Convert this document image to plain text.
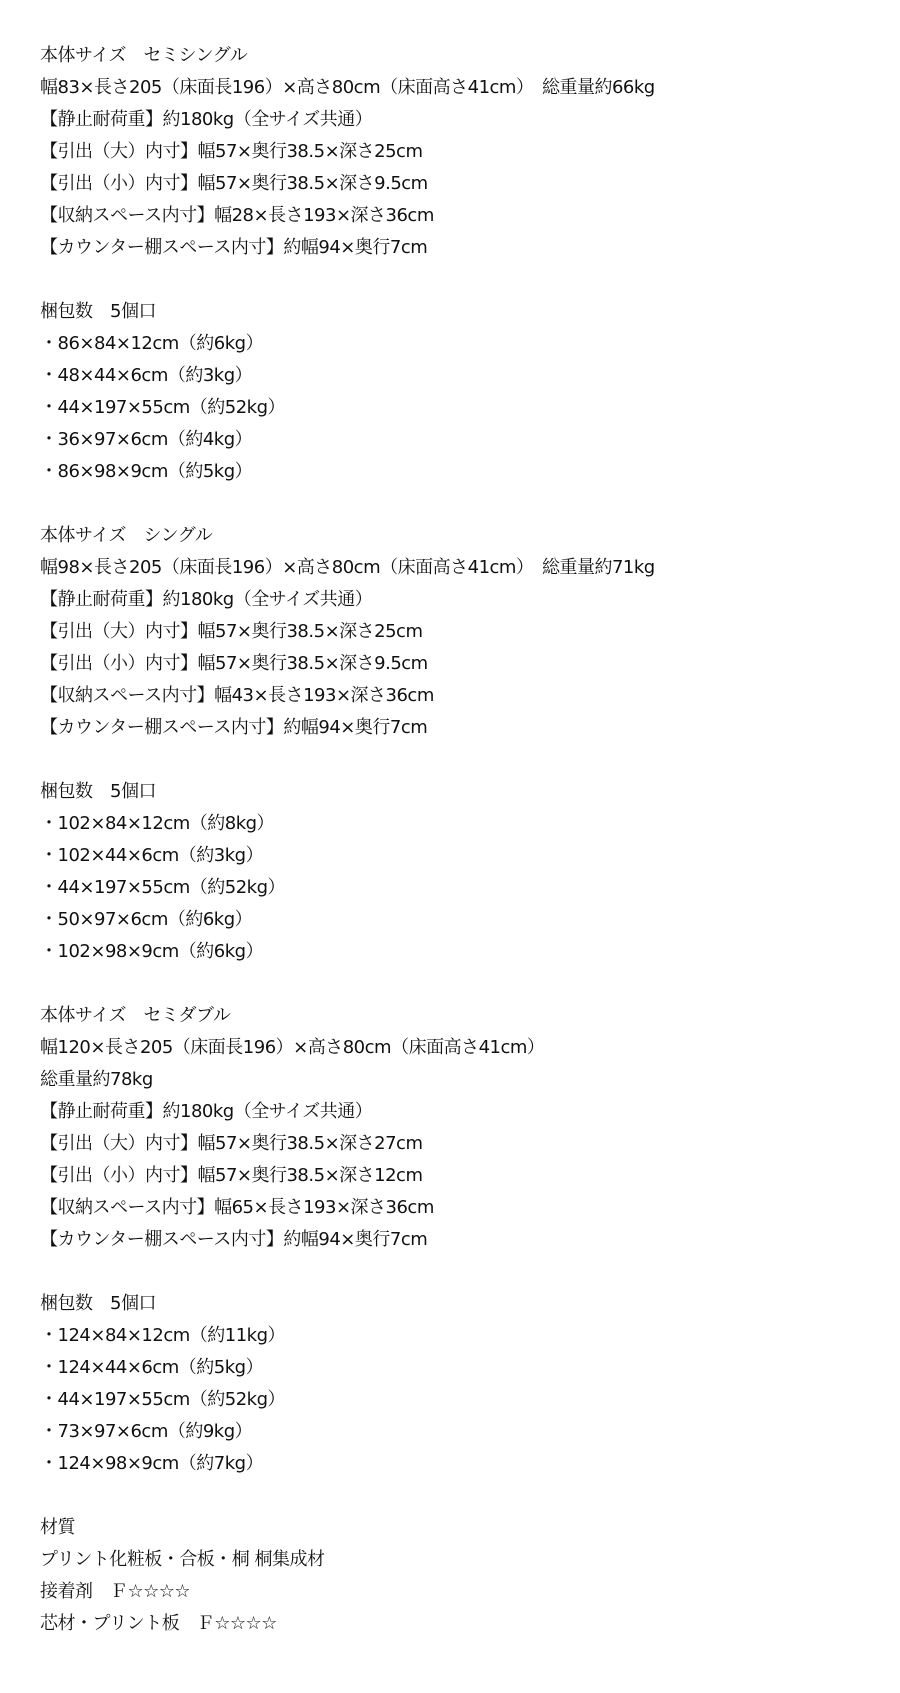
本体サイズ　セミシングル
幅83×長さ205（床面長196）×高さ80cm（床面高さ41cm）　総重量約66kg
【静止耐荷重】約180kg（全サイズ共通）
【引出（大）内寸】幅57×奥行38.5×深さ25cm
【引出（小）内寸】幅57×奥行38.5×深さ9.5cm
【収納スペース内寸】幅28×長さ193×深さ36cm
【カウンター棚スペース内寸】約幅94×奥行7cm
梱包数　5個口
・86×84×12cm（約6kg）
・48×44×6cm（約3kg）
・44×197×55cm（約52kg）
・36×97×6cm（約4kg）
・86×98×9cm（約5kg）
本体サイズ　シングル
幅98×長さ205（床面長196）×高さ80cm（床面高さ41cm）　総重量約71kg
【静止耐荷重】約180kg（全サイズ共通）
【引出（大）内寸】幅57×奥行38.5×深さ25cm
【引出（小）内寸】幅57×奥行38.5×深さ9.5cm
【収納スペース内寸】幅43×長さ193×深さ36cm
【カウンター棚スペース内寸】約幅94×奥行7cm
梱包数　5個口
・102×84×12cm（約8kg）
・102×44×6cm（約3kg）
・44×197×55cm（約52kg）
・50×97×6cm（約6kg）
・102×98×9cm（約6kg）
本体サイズ　セミダブル
幅120×長さ205（床面長196）×高さ80cm（床面高さ41cm）
総重量約78kg
【静止耐荷重】約180kg（全サイズ共通）
【引出（大）内寸】幅57×奥行38.5×深さ27cm
【引出（小）内寸】幅57×奥行38.5×深さ12cm
【収納スペース内寸】幅65×長さ193×深さ36cm
【カウンター棚スペース内寸】約幅94×奥行7cm
梱包数　5個口
・124×84×12cm（約11kg）
・124×44×6cm（約5kg）
・44×197×55cm（約52kg）
・73×97×6cm（約9kg）
・124×98×9cm（約7kg）
材質
プリント化粧板・合板・桐 桐集成材
接着剤　Ｆ☆☆☆☆
芯材・プリント板　Ｆ☆☆☆☆
